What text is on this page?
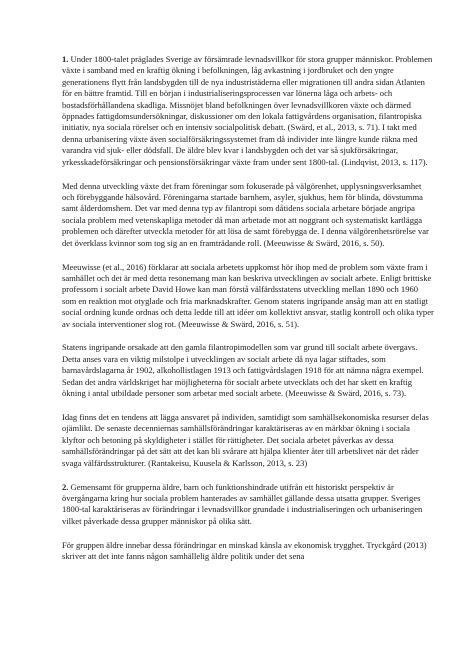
1. Under 1800-talet präglades Sverige av försämrade levnadsvillkor för stora grupper människor. Problemen växte i samband med en kraftig ökning i befolkningen, låg avkastning i jordbruket och den yngre generationens flytt från landsbygden till de nya industristäderna eller migrationen till andra sidan Atlanten för en bättre framtid. Till en början i industrialiseringsprocessen var lönerna låga och arbets- och bostadsförhållandena skadliga. Missnöjet bland befolkningen över levnadsvillkoren växte och därmed öppnades fattigdomsundersökningar, diskussioner om den lokala fattigvårdens organisation, filantropiska initiativ, nya sociala rörelser och en intensiv socialpolitisk debatt. (Swärd, et al., 2013, s. 71). I takt med denna urbanisering växte även socialförsäkringssystemet fram då individer inte längre kunde räkna med varandra vid sjuk- eller dödsfall. De äldre blev kvar i landsbygden och det var så sjukförsäkringar, yrkesskadeförsäkringar och pensionsförsäkringar växte fram under sent 1800-tal. (Lindqvist, 2013, s. 117).

Med denna utveckling växte det fram föreningar som fokuserade på välgörenhet, upplysningsverksamhet och förebyggande hälsovård. Föreningarna startade barnhem, asyler, sjukhus, hem för blinda, dövstumma samt ålderdomshem. Det var med denna typ av filantropi som dåtidens sociala arbetare började angripa sociala problem med vetenskapliga metoder då man arbetade mot att noggrant och systematiskt kartlägga problemen och därefter utveckla metoder för att lösa de samt förebygga de. I denna välgörenhetsrörelse var det överklass kvinnor som tog sig an en framträdande roll. (Meeuwisse & Swärd, 2016, s. 50).

Meeuwisse (et al., 2016) förklarar att sociala arbetets uppkomst hör ihop med de problem som växte fram i samhället och det är med detta resonemang man kan beskriva utvecklingen av socialt arbete. Enligt brittiske professorn i socialt arbete David Howe kan man förstå välfärdsstatens utveckling mellan 1890 och 1960 som en reaktion mot otyglade och fria marknadskrafter. Genom statens ingripande ansåg man att en statligt social ordning kunde ordnas och detta ledde till att idéer om kollektivt ansvar, statlig kontroll och olika typer av sociala interventioner slog rot. (Meeuwisse & Swärd, 2016, s. 51).

Statens ingripande orsakade att den gamla filantropimodellen som var grund till socialt arbete övergavs. Detta anses vara en viktig milstolpe i utvecklingen av socialt arbete då nya lagar stiftades, som barnavårdslagarna år 1902, alkohollistlagen 1913 och fattigvårdslagen 1918 för att nämna några exempel. Sedan det andra världskriget har möjligheterna för socialt arbete utvecklats och det har skett en kraftig ökning i antal utbildade personer som arbetar med socialt arbete. (Meeuwisse & Swärd, 2016, s. 73).

Idag finns det en tendens att lägga ansvaret på individen, samtidigt som samhällsekonomiska resurser delas ojämlikt. De senaste decenniernas samhällsförändringar karaktäriseras av en märkbar ökning i sociala klyftor och betoning på skyldigheter i stället för rättigheter. Det sociala arbetet påverkas av dessa samhällsförändringar på det sätt att det kan bli svårare att hjälpa klienter åter till arbetslivet när det råder svaga välfärdsstrukturer. (Rantakeisu, Kuusela & Karlsson, 2013, s. 23)

2. Gemensamt för grupperna äldre, barn och funktionshindrade utifrån ett historiskt perspektiv är övergångarna kring hur sociala problem hanterades av samhället gällande dessa utsatta grupper. Sveriges 1800-tal karaktäriseras av förändringar i levnadsvillkor grundade i industrialiseringen och urbaniseringen vilket påverkade dessa grupper människor på olika sätt.

För gruppen äldre innebar dessa förändringar en minskad känsla av ekonomisk trygghet. Tryckgård (2013) skriver att det inte fanns någon samhällelig äldre politik under det sena
